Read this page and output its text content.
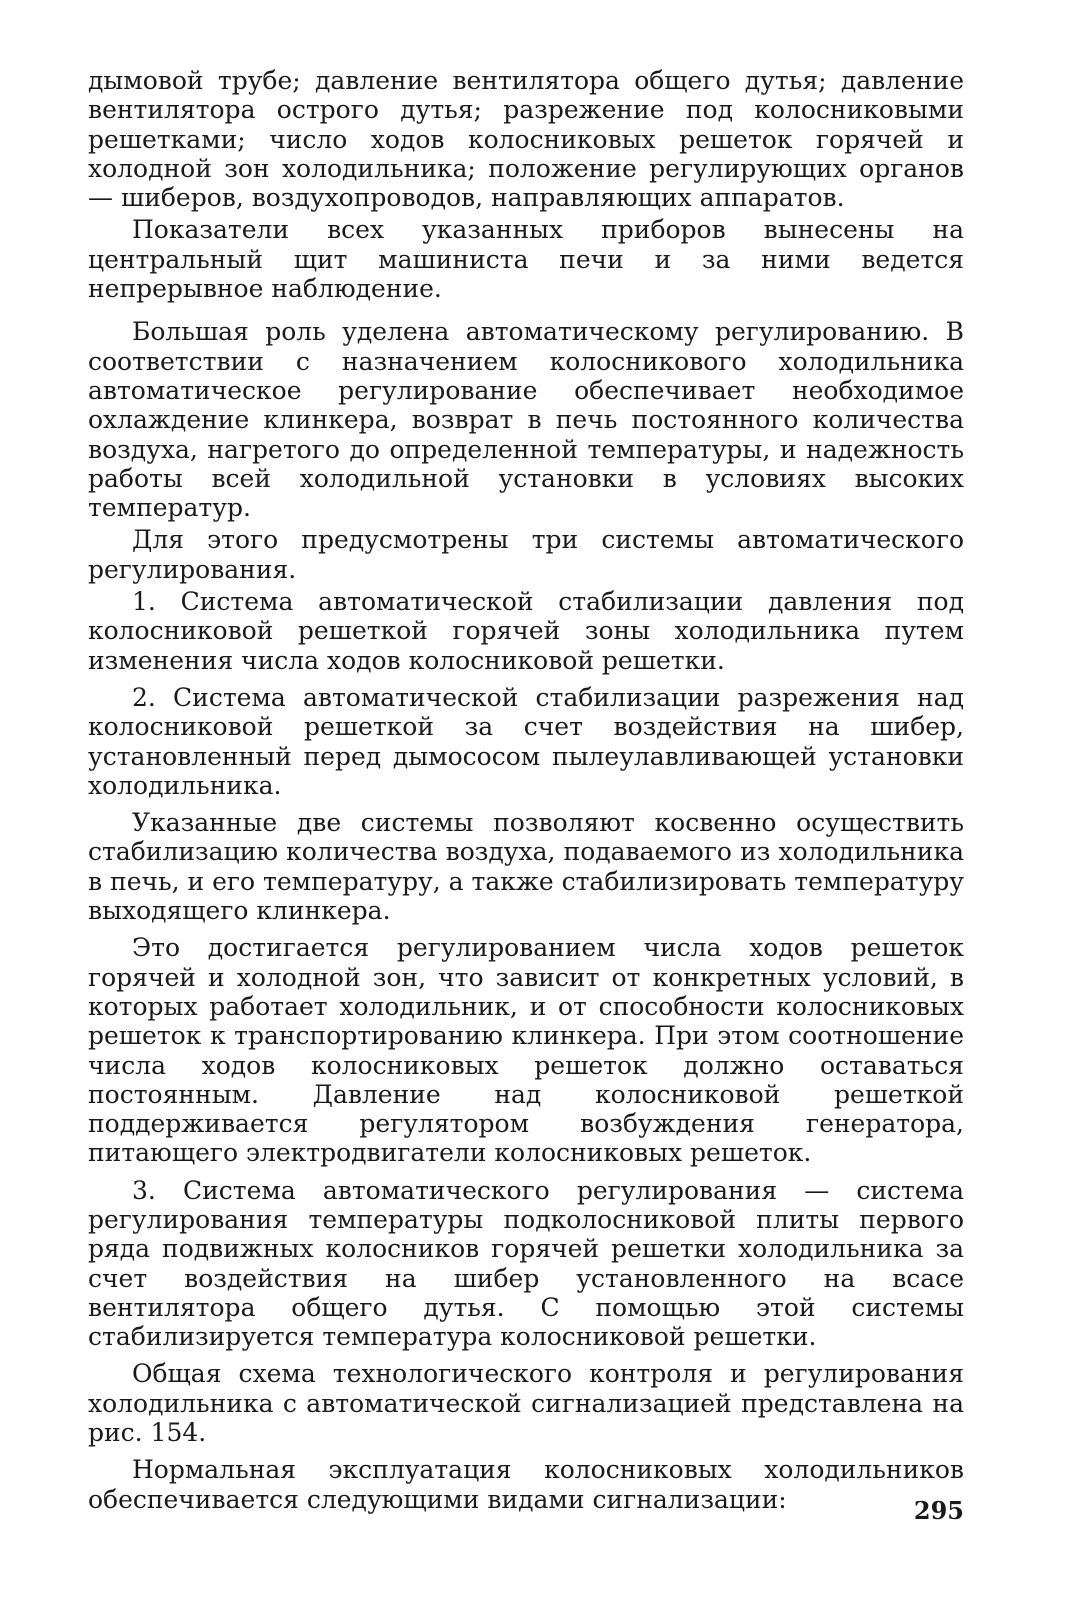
дымовой трубе; давление вентилятора общего дутья; давление вентилятора острого дутья; разрежение под колосниковыми решетками; число ходов колосниковых решеток горячей и холодной зон холодильника; положение регулирующих органов — шиберов, воздухопроводов, направляющих аппаратов.

Показатели всех указанных приборов вынесены на центральный щит машиниста печи и за ними ведется непрерывное наблюдение.

Большая роль уделена автоматическому регулированию. В соответствии с назначением колосникового холодильника автоматическое регулирование обеспечивает необходимое охлаждение клинкера, возврат в печь постоянного количества воздуха, нагретого до определенной температуры, и надежность работы всей холодильной установки в условиях высоких температур.

Для этого предусмотрены три системы автоматического регулирования.

1. Система автоматической стабилизации давления под колосниковой решеткой горячей зоны холодильника путем изменения числа ходов колосниковой решетки.

2. Система автоматической стабилизации разрежения над колосниковой решеткой за счет воздействия на шибер, установленный перед дымососом пылеулавливающей установки холодильника.

Указанные две системы позволяют косвенно осуществить стабилизацию количества воздуха, подаваемого из холодильника в печь, и его температуру, а также стабилизировать температуру выходящего клинкера.

Это достигается регулированием числа ходов решеток горячей и холодной зон, что зависит от конкретных условий, в которых работает холодильник, и от способности колосниковых решеток к транспортированию клинкера. При этом соотношение числа ходов колосниковых решеток должно оставаться постоянным. Давление над колосниковой решеткой поддерживается регулятором возбуждения генератора, питающего электродвигатели колосниковых решеток.

3. Система автоматического регулирования — система регулирования температуры подколосниковой плиты первого ряда подвижных колосников горячей решетки холодильника за счет воздействия на шибер установленного на всасе вентилятора общего дутья. С помощью этой системы стабилизируется температура колосниковой решетки.

Общая схема технологического контроля и регулирования холодильника с автоматической сигнализацией представлена на рис. 154.

Нормальная эксплуатация колосниковых холодильников обеспечивается следующими видами сигнализации:	295
